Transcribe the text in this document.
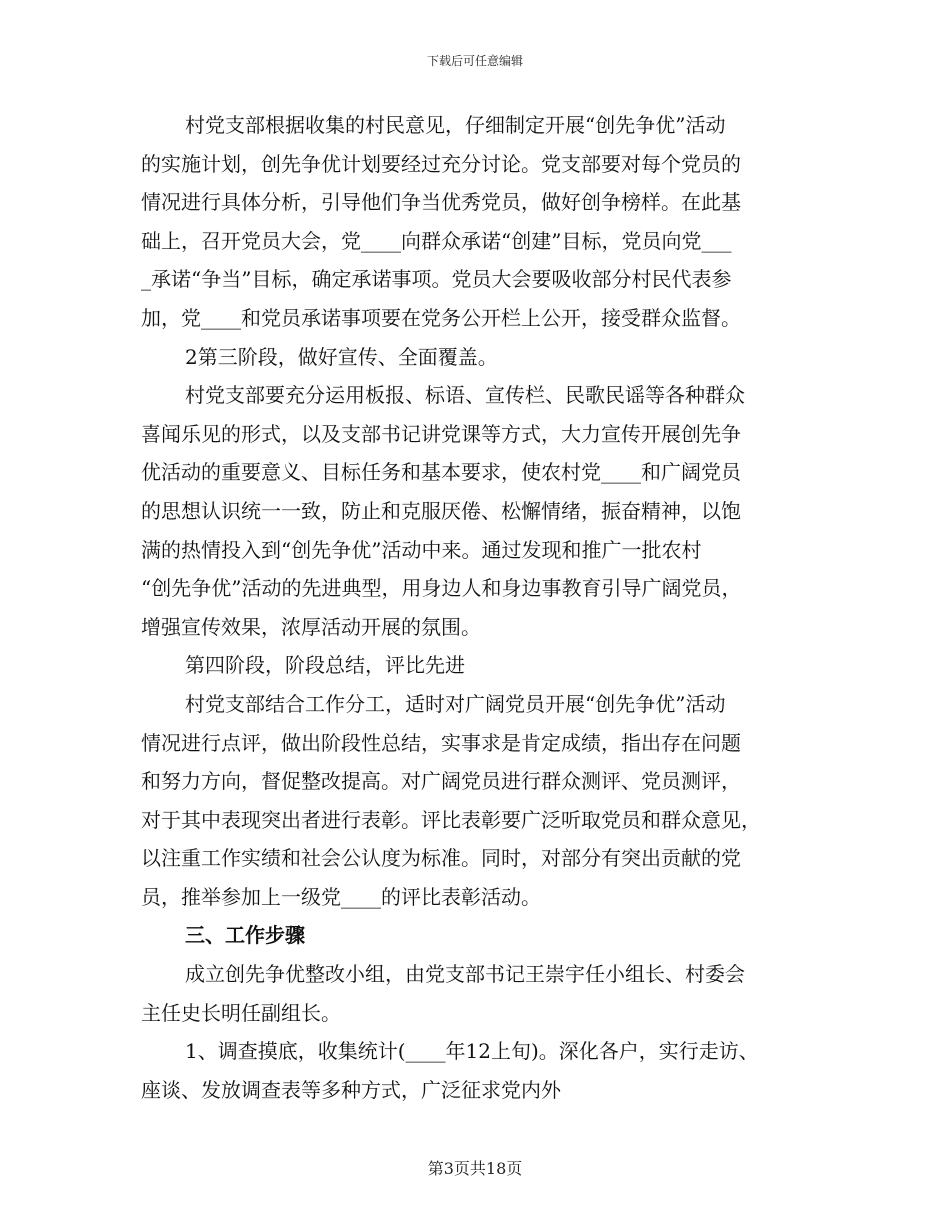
下载后可任意编辑
村党支部根据收集的村民意见，仔细制定开展“创先争优”活动
的实施计划，创先争优计划要经过充分讨论。党支部要对每个党员的
情况进行具体分析，引导他们争当优秀党员，做好创争榜样。在此基
础上，召开党员大会，党____向群众承诺“创建”目标，党员向党___
_承诺“争当”目标，确定承诺事项。党员大会要吸收部分村民代表参
加，党____和党员承诺事项要在党务公开栏上公开，接受群众监督。
2第三阶段，做好宣传、全面覆盖。
村党支部要充分运用板报、标语、宣传栏、民歌民谣等各种群众
喜闻乐见的形式，以及支部书记讲党课等方式，大力宣传开展创先争
优活动的重要意义、目标任务和基本要求，使农村党____和广阔党员
的思想认识统一一致，防止和克服厌倦、松懈情绪，振奋精神，以饱
满的热情投入到“创先争优”活动中来。通过发现和推广一批农村
“创先争优”活动的先进典型，用身边人和身边事教育引导广阔党员，
增强宣传效果，浓厚活动开展的氛围。
第四阶段，阶段总结，评比先进
村党支部结合工作分工，适时对广阔党员开展“创先争优”活动
情况进行点评，做出阶段性总结，实事求是肯定成绩，指出存在问题
和努力方向，督促整改提高。对广阔党员进行群众测评、党员测评，
对于其中表现突出者进行表彰。评比表彰要广泛听取党员和群众意见，
以注重工作实绩和社会公认度为标准。同时，对部分有突出贡献的党
员，推举参加上一级党____的评比表彰活动。
三、工作步骤
成立创先争优整改小组，由党支部书记王崇宇任小组长、村委会
主任史长明任副组长。
1、调查摸底，收集统计(____年12上旬)。深化各户，实行走访、
座谈、发放调查表等多种方式，广泛征求党内外
第3页共18页
